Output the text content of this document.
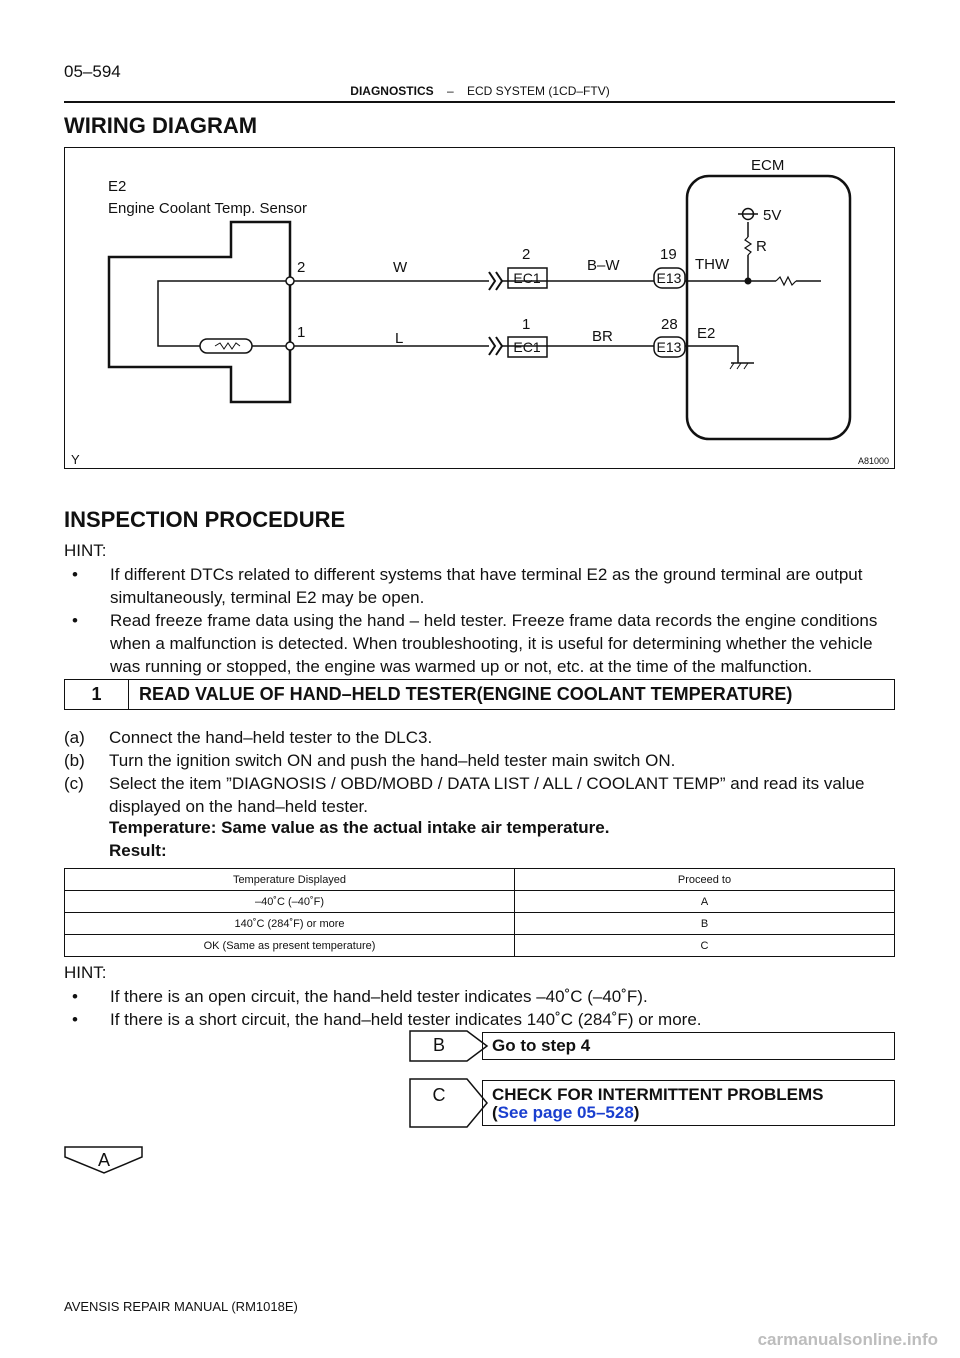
05–594
DIAGNOSTICS – ECD SYSTEM (1CD–FTV)
WIRING DIAGRAM
E2
Engine Coolant Temp. Sensor
ECM
5V
R
2
1
W
L
2
1
EC1
EC1
B–W
BR
19
28
E13
E13
THW
E2
Y	A81000
INSPECTION PROCEDURE
HINT:
• If different DTCs related to different systems that have terminal E2 as the ground terminal are output
simultaneously, terminal E2 may be open.
• Read freeze frame data using the hand – held tester. Freeze frame data records the engine conditions
when a malfunction is detected. When troubleshooting, it is useful for determining whether the vehicle
was running or stopped, the engine was warmed up or not, etc. at the time of the malfunction.
1	READ VALUE OF HAND–HELD TESTER(ENGINE COOLANT TEMPERATURE)
(a) Connect the hand–held tester to the DLC3.
(b) Turn the ignition switch ON and push the hand–held tester main switch ON.
(c) Select the item ”DIAGNOSIS / OBD/MOBD / DATA LIST / ALL / COOLANT TEMP” and read its value
displayed on the hand–held tester.
Temperature: Same value as the actual intake air temperature.
Result:
Temperature Displayed	Proceed to
–40˚C (–40˚F)	A
140˚C (284˚F) or more	B
OK (Same as present temperature)	C
HINT:
• If there is an open circuit, the hand–held tester indicates –40˚C (–40˚F).
• If there is a short circuit, the hand–held tester indicates 140˚C (284˚F) or more.
B	Go to step 4
C	CHECK FOR INTERMITTENT PROBLEMS
(See page 05–528)
A
AVENSIS REPAIR MANUAL (RM1018E)
carmanualsonline.info
